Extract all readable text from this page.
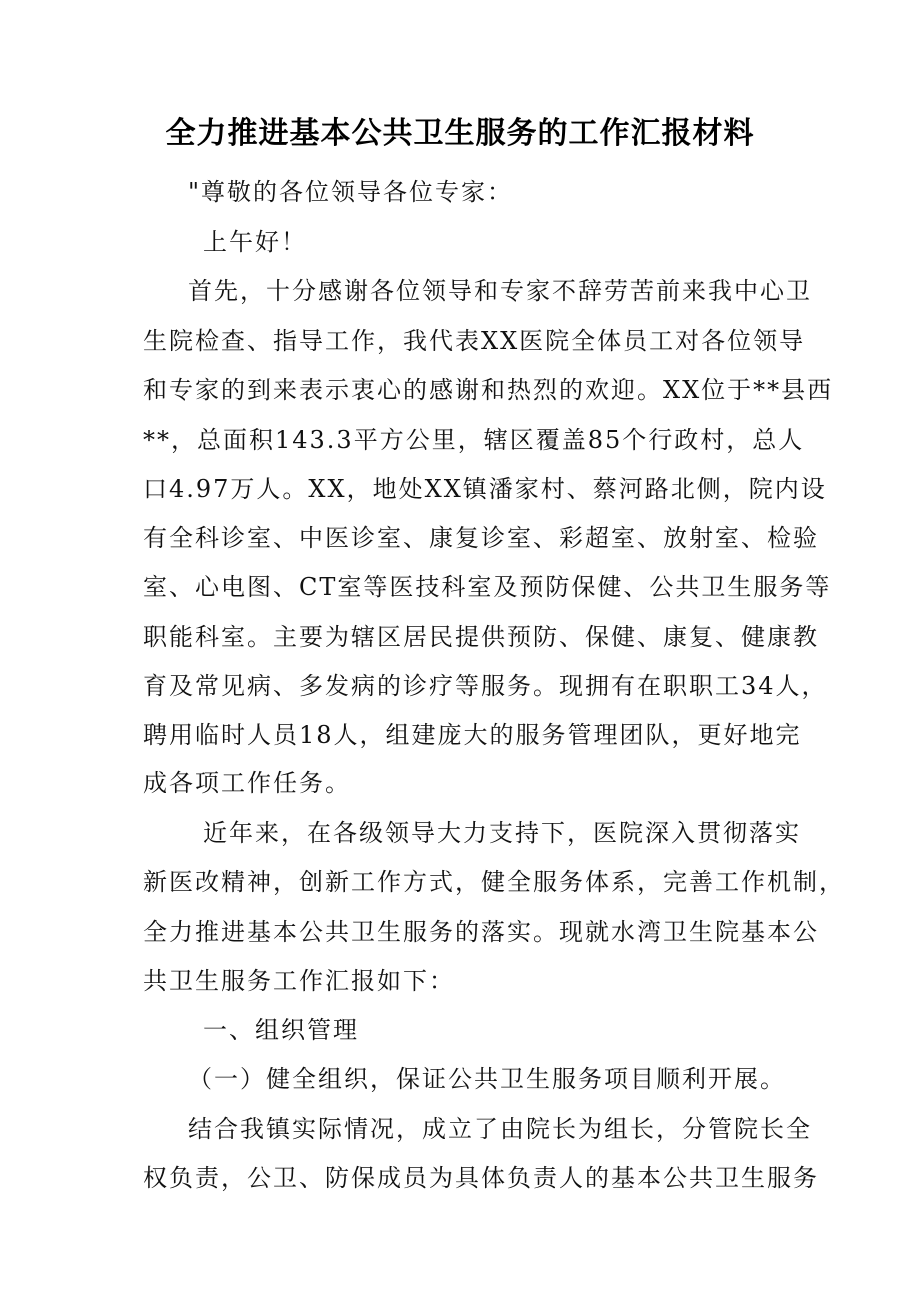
全力推进基本公共卫生服务的工作汇报材料
"尊敬的各位领导各位专家：
上午好！
首先，十分感谢各位领导和专家不辞劳苦前来我中心卫
生院检查、指导工作，我代表XX医院全体员工对各位领导
和专家的到来表示衷心的感谢和热烈的欢迎。XX位于**县西
**，总面积143.3平方公里，辖区覆盖85个行政村，总人
口4.97万人。XX，地处XX镇潘家村、蔡河路北侧，院内设
有全科诊室、中医诊室、康复诊室、彩超室、放射室、检验
室、心电图、CT室等医技科室及预防保健、公共卫生服务等
职能科室。主要为辖区居民提供预防、保健、康复、健康教
育及常见病、多发病的诊疗等服务。现拥有在职职工34人，
聘用临时人员18人，组建庞大的服务管理团队，更好地完
成各项工作任务。
近年来，在各级领导大力支持下，医院深入贯彻落实
新医改精神，创新工作方式，健全服务体系，完善工作机制，
全力推进基本公共卫生服务的落实。现就水湾卫生院基本公
共卫生服务工作汇报如下：
一、组织管理
（一）健全组织，保证公共卫生服务项目顺利开展。
结合我镇实际情况，成立了由院长为组长，分管院长全
权负责，公卫、防保成员为具体负责人的基本公共卫生服务
